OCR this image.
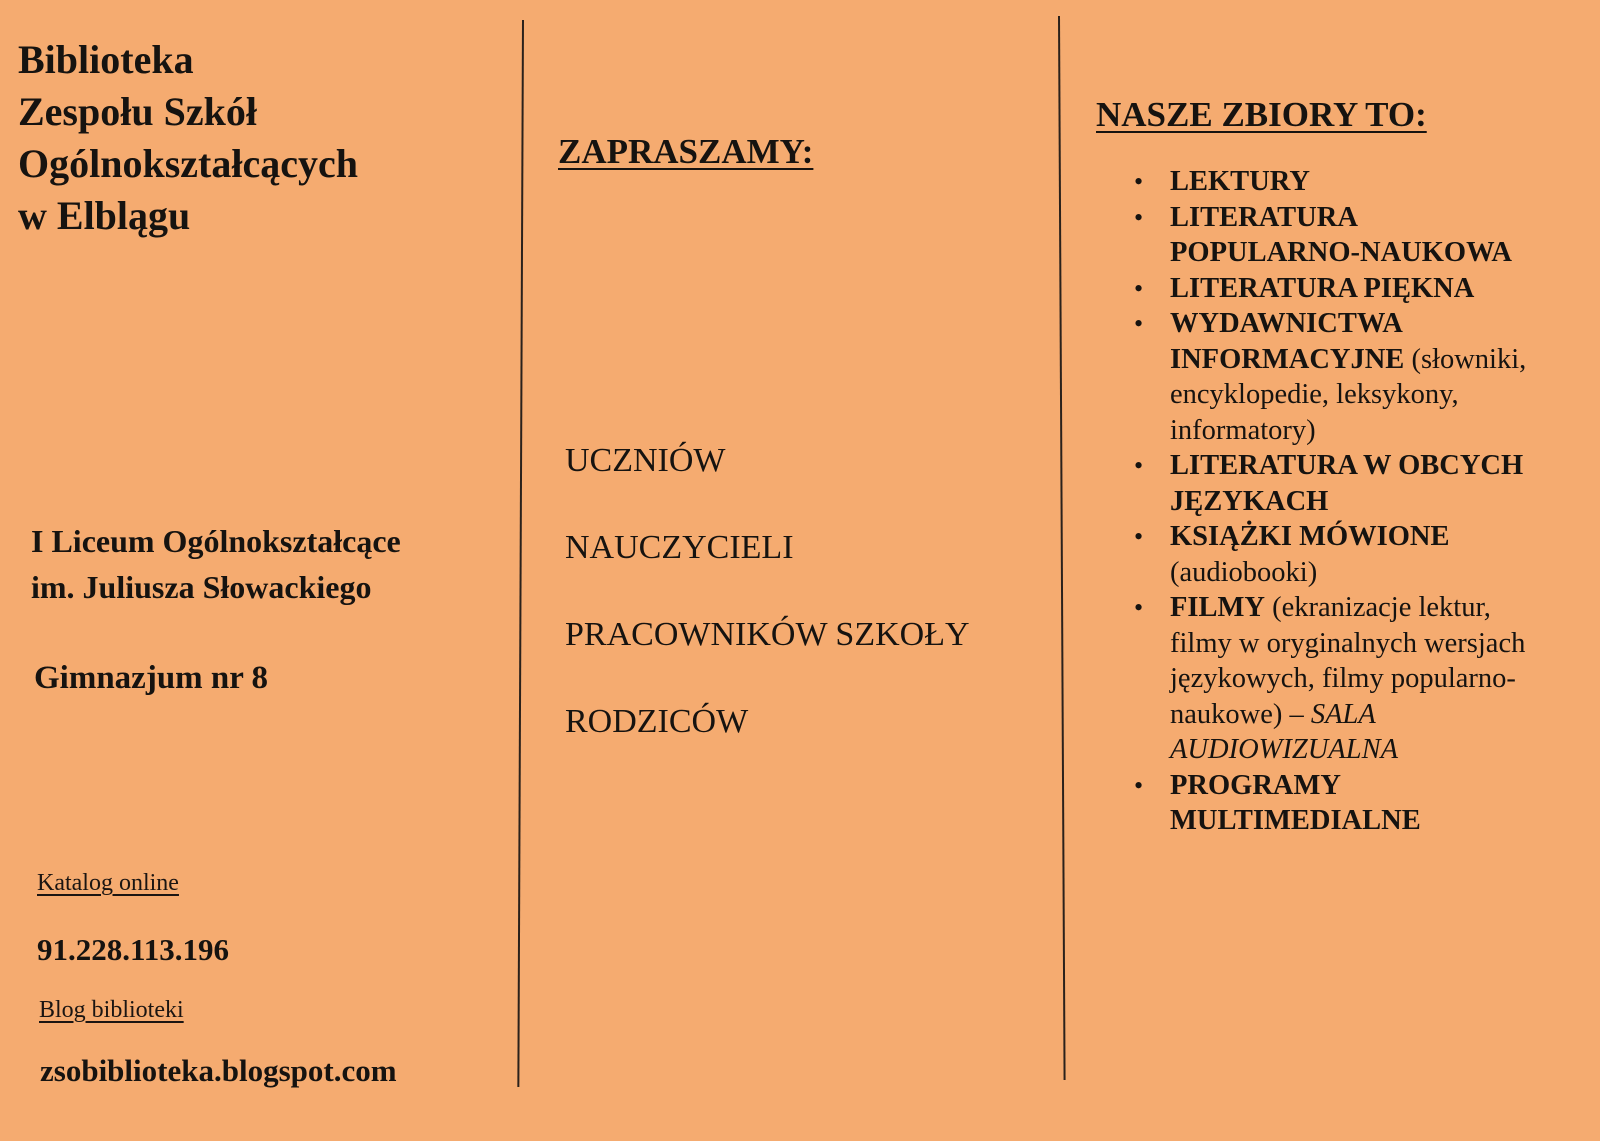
Biblioteka
Zespołu Szkół
Ogólnokształcących
w Elblągu
I Liceum Ogólnokształcące
im. Juliusza Słowackiego
Gimnazjum nr 8
Katalog online
91.228.113.196
Blog biblioteki
zsobiblioteka.blogspot.com
ZAPRASZAMY:
UCZNIÓW
NAUCZYCIELI
PRACOWNIKÓW SZKOŁY
RODZICÓW
NASZE ZBIORY TO:
• LEKTURY
• LITERATURA
POPULARNO-NAUKOWA
• LITERATURA PIĘKNA
• WYDAWNICTWA
INFORMACYJNE (słowniki,
encyklopedie, leksykony,
informatory)
• LITERATURA W OBCYCH
JĘZYKACH
• KSIĄŻKI MÓWIONE
(audiobooki)
• FILMY (ekranizacje lektur,
filmy w oryginalnych wersjach
językowych, filmy popularno-
naukowe) – SALA
AUDIOWIZUALNA
• PROGRAMY
MULTIMEDIALNE
